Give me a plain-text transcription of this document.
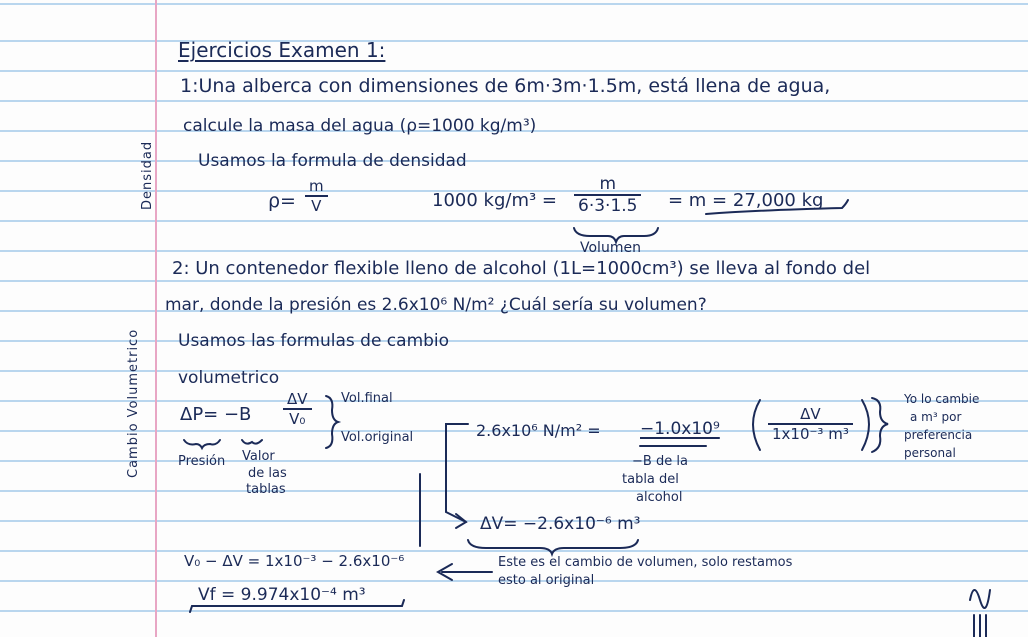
Densidad
Cambio Volumetrico
Ejercicios Examen 1:
1:Una alberca con dimensiones de 6m·3m·1.5m, está llena de agua,
calcule la masa del agua (ρ=1000 kg/m³)
Usamos la formula de densidad
ρ=
m
V	1000 kg/m³ =
m
6·3·1.5 = m = 27,000 kg
Volumen
2: Un contenedor flexible lleno de alcohol (1L=1000cm³) se lleva al fondo del
mar, donde la presión es 2.6x10⁶ N/m² ¿Cuál sería su volumen?
Usamos las formulas de cambio
volumetrico
ΔP= −B
ΔV
V₀
Vol.final
Vol.original
Presión Valor
de las
tablas
2.6x10⁶ N/m² = −1.0x10⁹
ΔV
1x10⁻³ m³
−B de la
tabla del
alcohol
Yo lo cambie
a m³ por
preferencia
personal
ΔV= −2.6x10⁻⁶ m³
Este es el cambio de volumen, solo restamos
esto al original
V₀ − ΔV = 1x10⁻³ − 2.6x10⁻⁶
Vf = 9.974x10⁻⁴ m³
